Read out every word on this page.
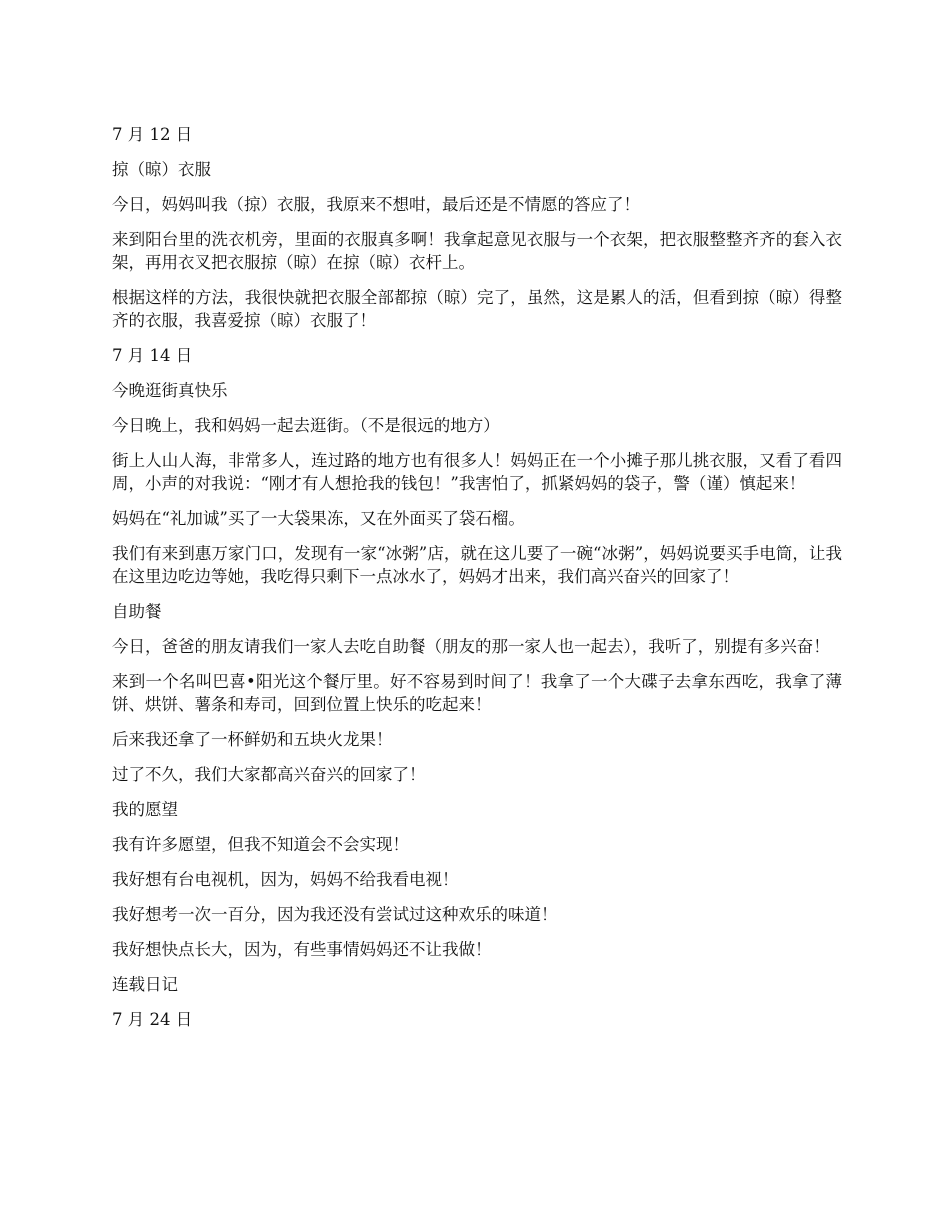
7 月 12 日

掠（晾）衣服

今日，妈妈叫我（掠）衣服，我原来不想咁，最后还是不情愿的答应了！

来到阳台里的洗衣机旁，里面的衣服真多啊！我拿起意见衣服与一个衣架，把衣服整整齐齐的套入衣架，再用衣叉把衣服掠（晾）在掠（晾）衣杆上。

根据这样的方法，我很快就把衣服全部都掠（晾）完了，虽然，这是累人的活，但看到掠（晾）得整齐的衣服，我喜爱掠（晾）衣服了！

7 月 14 日

今晚逛街真快乐

今日晚上，我和妈妈一起去逛街。（不是很远的地方）

街上人山人海，非常多人，连过路的地方也有很多人！妈妈正在一个小摊子那儿挑衣服，又看了看四周，小声的对我说：“刚才有人想抢我的钱包！”我害怕了，抓紧妈妈的袋子，警（谨）慎起来！

妈妈在“礼加诚”买了一大袋果冻，又在外面买了袋石榴。

我们有来到惠万家门口，发现有一家“冰粥”店，就在这儿要了一碗“冰粥”，妈妈说要买手电筒，让我在这里边吃边等她，我吃得只剩下一点冰水了，妈妈才出来，我们高兴奋兴的回家了！

自助餐

今日，爸爸的朋友请我们一家人去吃自助餐（朋友的那一家人也一起去），我听了，别提有多兴奋！

来到一个名叫巴喜•阳光这个餐厅里。好不容易到时间了！我拿了一个大碟子去拿东西吃，我拿了薄饼、烘饼、薯条和寿司，回到位置上快乐的吃起来！

后来我还拿了一杯鲜奶和五块火龙果！

过了不久，我们大家都高兴奋兴的回家了！

我的愿望

我有许多愿望，但我不知道会不会实现！

我好想有台电视机，因为，妈妈不给我看电视！

我好想考一次一百分，因为我还没有尝试过这种欢乐的味道！

我好想快点长大，因为，有些事情妈妈还不让我做！

连载日记

7 月 24 日
